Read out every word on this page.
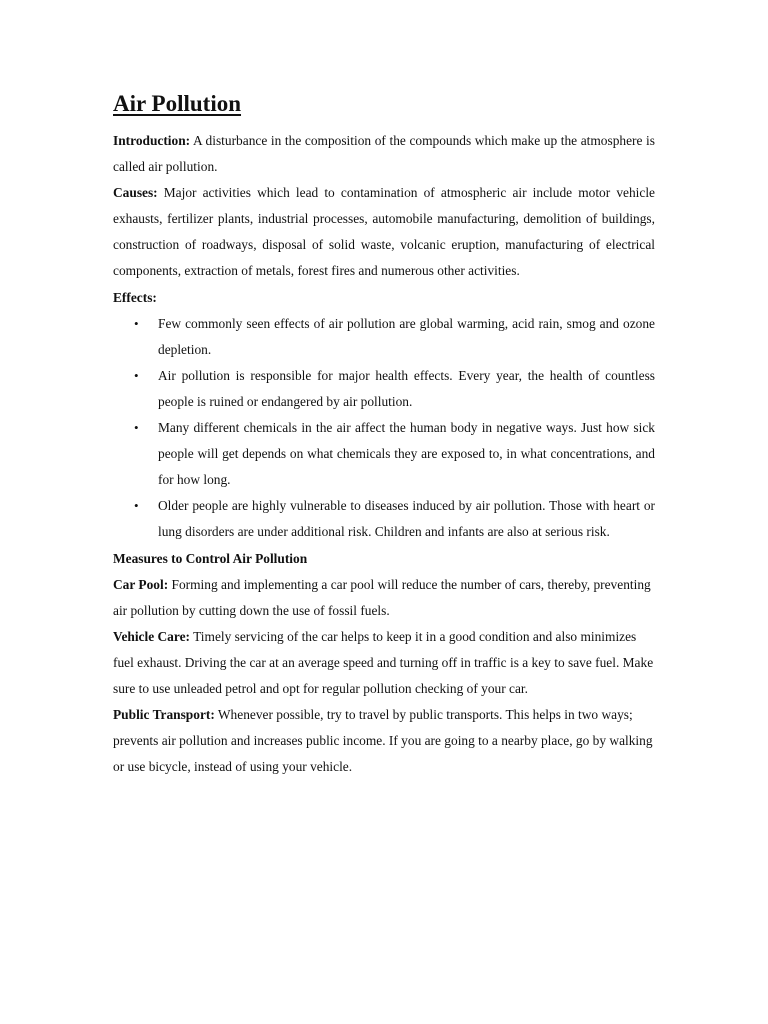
Air Pollution

Introduction: A disturbance in the composition of the compounds which make up the atmosphere is called air pollution.

Causes: Major activities which lead to contamination of atmospheric air include motor vehicle exhausts, fertilizer plants, industrial processes, automobile manufacturing, demolition of buildings, construction of roadways, disposal of solid waste, volcanic eruption, manufacturing of electrical components, extraction of metals, forest fires and numerous other activities.

Effects:

• Few commonly seen effects of air pollution are global warming, acid rain, smog and ozone depletion.
• Air pollution is responsible for major health effects. Every year, the health of countless people is ruined or endangered by air pollution.
• Many different chemicals in the air affect the human body in negative ways. Just how sick people will get depends on what chemicals they are exposed to, in what concentrations, and for how long.
• Older people are highly vulnerable to diseases induced by air pollution. Those with heart or lung disorders are under additional risk. Children and infants are also at serious risk.

Measures to Control Air Pollution

Car Pool: Forming and implementing a car pool will reduce the number of cars, thereby, preventing air pollution by cutting down the use of fossil fuels.

Vehicle Care: Timely servicing of the car helps to keep it in a good condition and also minimizes fuel exhaust. Driving the car at an average speed and turning off in traffic is a key to save fuel. Make sure to use unleaded petrol and opt for regular pollution checking of your car.

Public Transport: Whenever possible, try to travel by public transports. This helps in two ways; prevents air pollution and increases public income. If you are going to a nearby place, go by walking or use bicycle, instead of using your vehicle.
